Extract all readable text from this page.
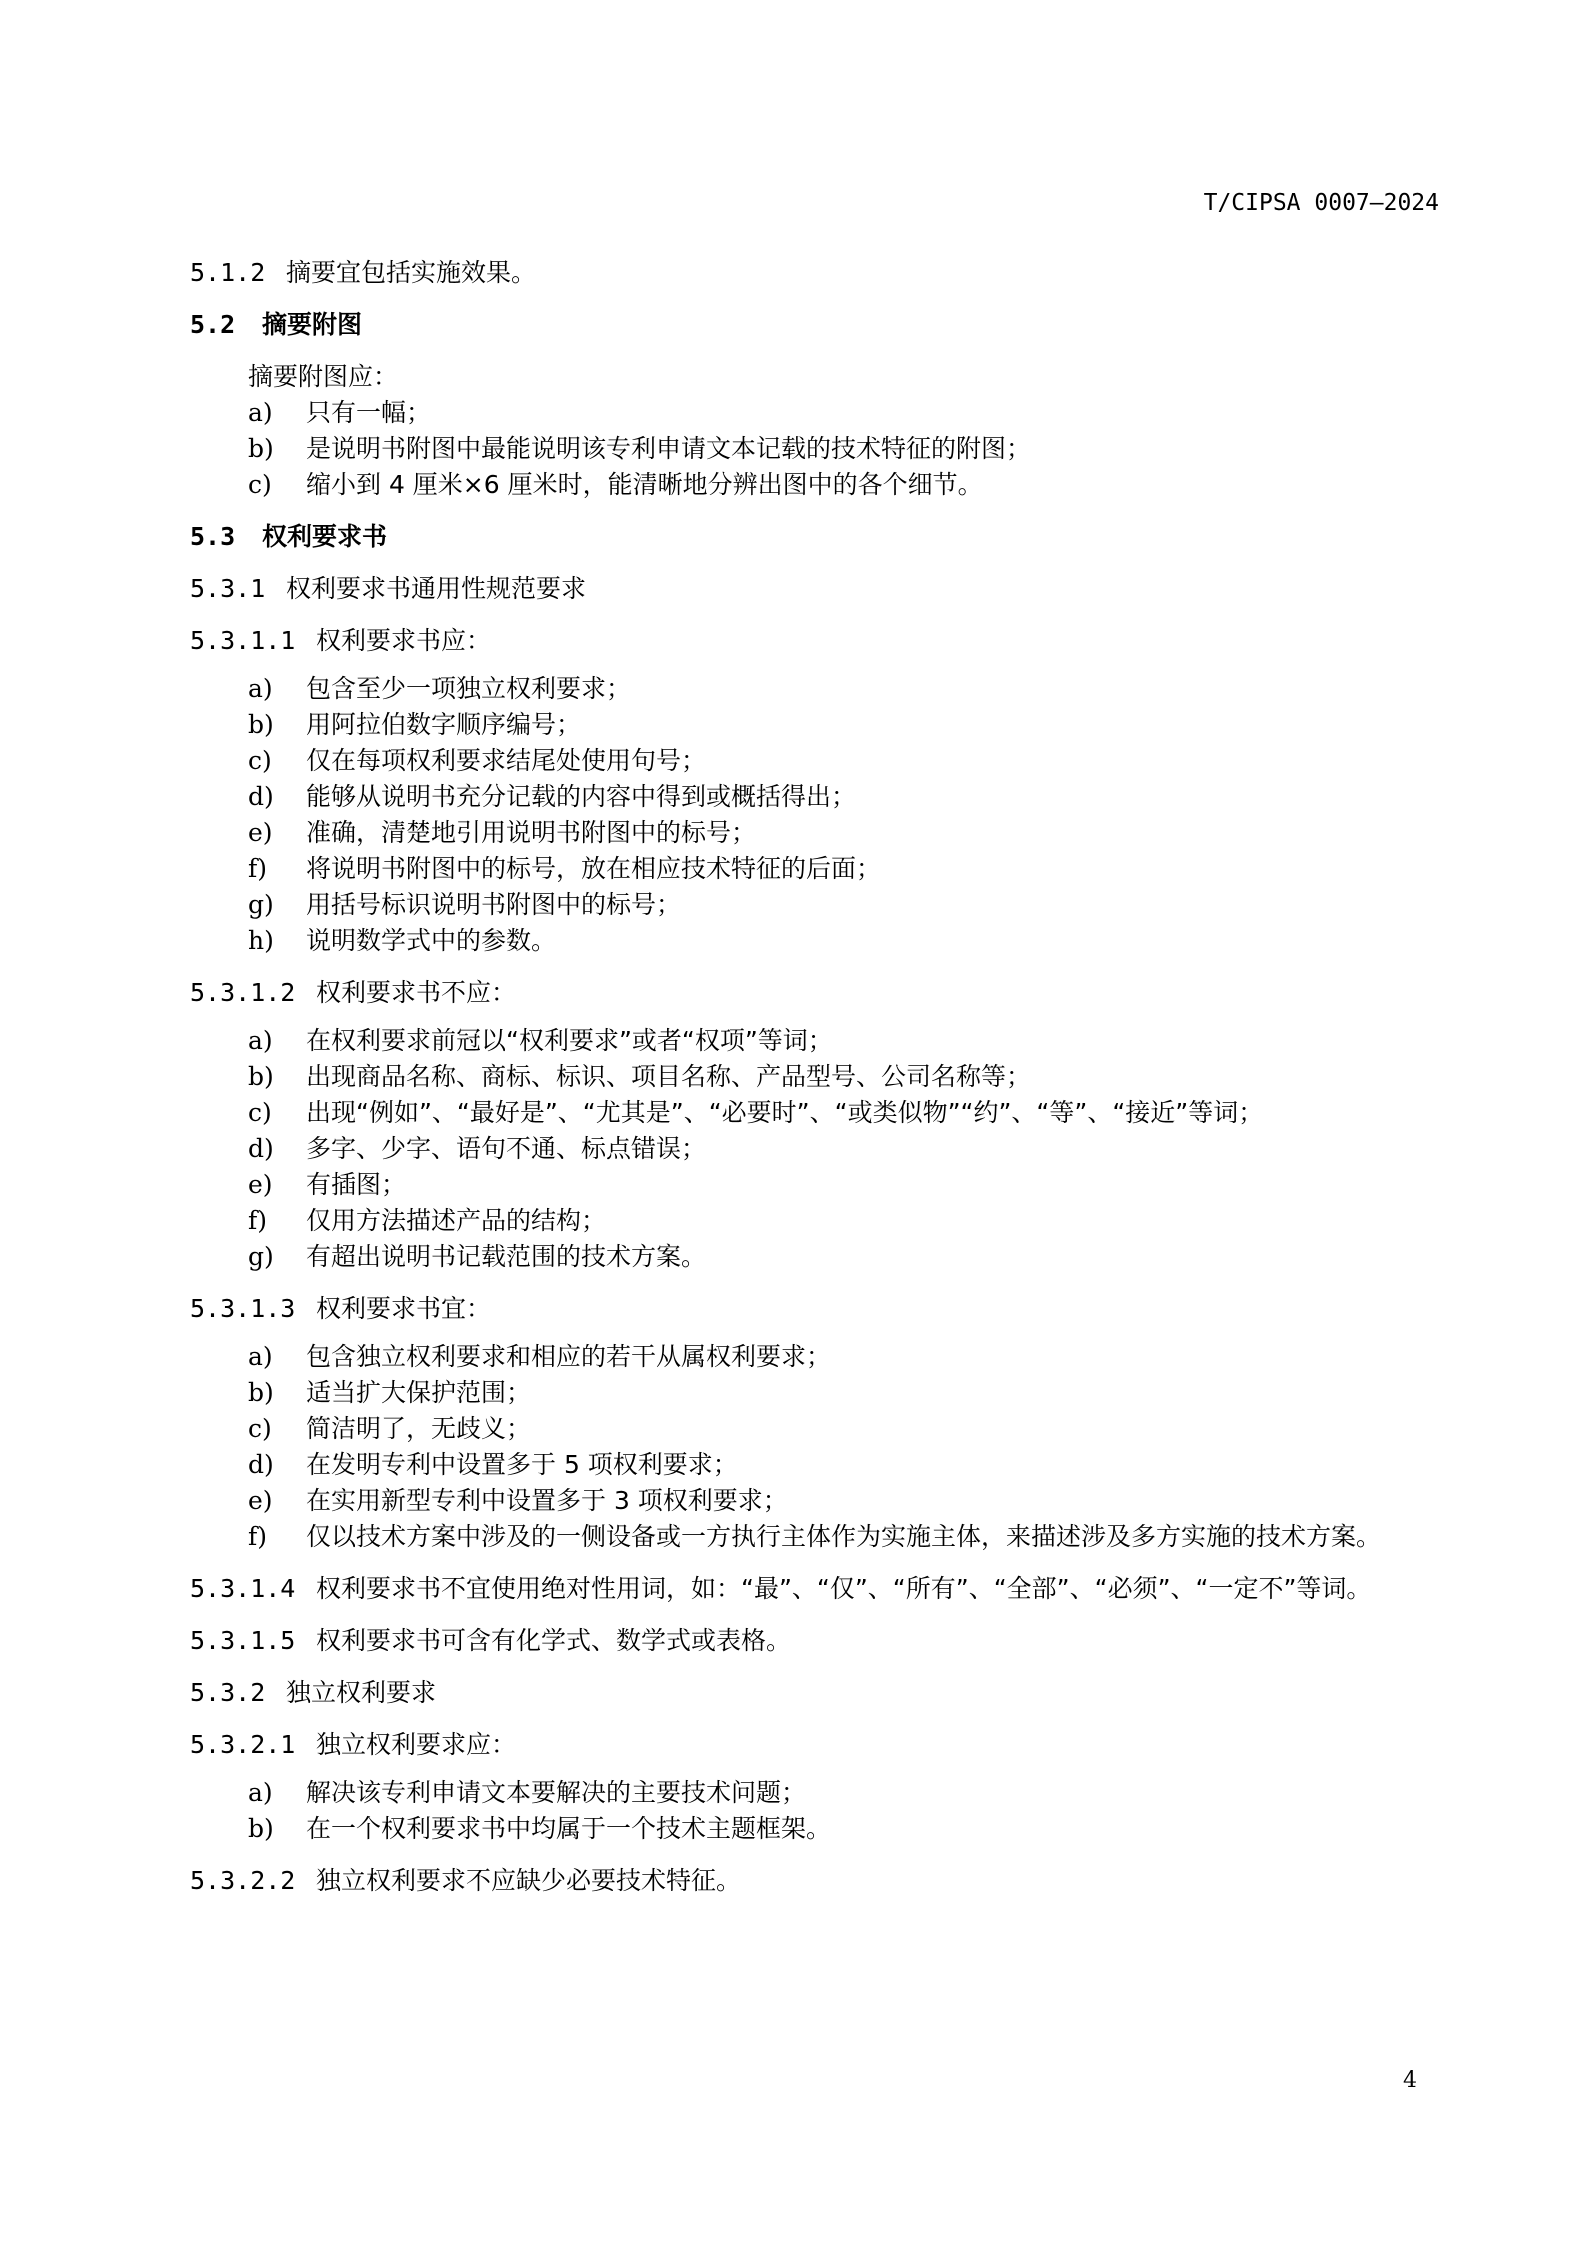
T/CIPSA 0007—2024
5.1.2 摘要宜包括实施效果。
5.2 摘要附图
摘要附图应：
a)	只有一幅；
b)	是说明书附图中最能说明该专利申请文本记载的技术特征的附图；
c)	缩小到 4 厘米×6 厘米时，能清晰地分辨出图中的各个细节。
5.3 权利要求书
5.3.1 权利要求书通用性规范要求
5.3.1.1 权利要求书应：
a)	包含至少一项独立权利要求；
b)	用阿拉伯数字顺序编号；
c)	仅在每项权利要求结尾处使用句号；
d)	能够从说明书充分记载的内容中得到或概括得出；
e)	准确，清楚地引用说明书附图中的标号；
f)	将说明书附图中的标号，放在相应技术特征的后面；
g)	用括号标识说明书附图中的标号；
h)	说明数学式中的参数。
5.3.1.2 权利要求书不应：
a)	在权利要求前冠以“权利要求”或者“权项”等词；
b)	出现商品名称、商标、标识、项目名称、产品型号、公司名称等；
c)	出现“例如”、“最好是”、“尤其是”、“必要时”、“或类似物”“约”、“等”、“接近”等词；
d)	多字、少字、语句不通、标点错误；
e)	有插图；
f)	仅用方法描述产品的结构；
g)	有超出说明书记载范围的技术方案。
5.3.1.3 权利要求书宜：
a)	包含独立权利要求和相应的若干从属权利要求；
b)	适当扩大保护范围；
c)	简洁明了，无歧义；
d)	在发明专利中设置多于 5 项权利要求；
e)	在实用新型专利中设置多于 3 项权利要求；
f)	仅以技术方案中涉及的一侧设备或一方执行主体作为实施主体，来描述涉及多方实施的技术方案。
5.3.1.4 权利要求书不宜使用绝对性用词，如：“最”、“仅”、“所有”、“全部”、“必须”、“一定不”等词。
5.3.1.5 权利要求书可含有化学式、数学式或表格。
5.3.2 独立权利要求
5.3.2.1 独立权利要求应：
a)	解决该专利申请文本要解决的主要技术问题；
b)	在一个权利要求书中均属于一个技术主题框架。
5.3.2.2 独立权利要求不应缺少必要技术特征。
4
